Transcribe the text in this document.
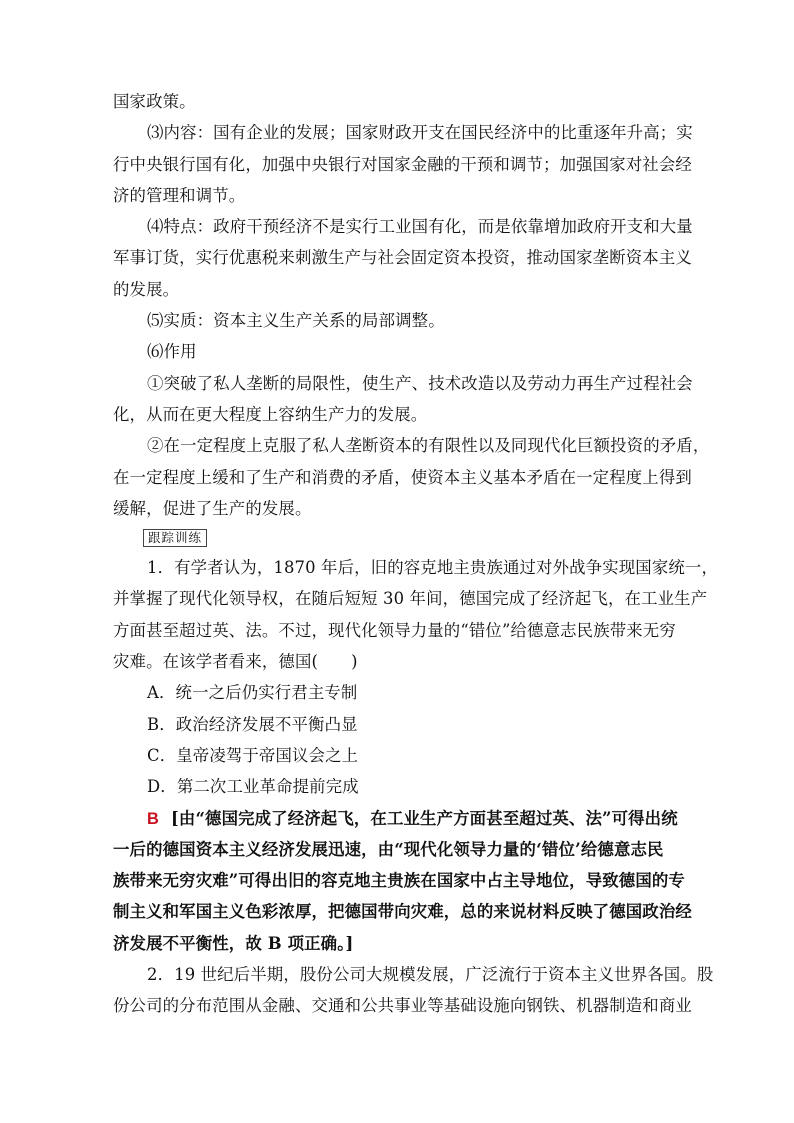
国家政策。
⑶内容：国有企业的发展；国家财政开支在国民经济中的比重逐年升高；实
行中央银行国有化，加强中央银行对国家金融的干预和调节；加强国家对社会经
济的管理和调节。
⑷特点：政府干预经济不是实行工业国有化，而是依靠增加政府开支和大量
军事订货，实行优惠税来刺激生产与社会固定资本投资，推动国家垄断资本主义
的发展。
⑸实质：资本主义生产关系的局部调整。
⑹作用
①突破了私人垄断的局限性，使生产、技术改造以及劳动力再生产过程社会
化，从而在更大程度上容纳生产力的发展。
②在一定程度上克服了私人垄断资本的有限性以及同现代化巨额投资的矛盾，
在一定程度上缓和了生产和消费的矛盾，使资本主义基本矛盾在一定程度上得到
缓解，促进了生产的发展。
跟踪训练
1．有学者认为，1870 年后，旧的容克地主贵族通过对外战争实现国家统一，
并掌握了现代化领导权，在随后短短 30 年间，德国完成了经济起飞，在工业生产
方面甚至超过英、法。不过，现代化领导力量的“错位”给德意志民族带来无穷
灾难。在该学者看来，德国(　　)
A．统一之后仍实行君主专制
B．政治经济发展不平衡凸显
C．皇帝凌驾于帝国议会之上
D．第二次工业革命提前完成
B [由“德国完成了经济起飞，在工业生产方面甚至超过英、法”可得出统
一后的德国资本主义经济发展迅速，由“现代化领导力量的‘错位’给德意志民
族带来无穷灾难”可得出旧的容克地主贵族在国家中占主导地位，导致德国的专
制主义和军国主义色彩浓厚，把德国带向灾难，总的来说材料反映了德国政治经
济发展不平衡性，故 B 项正确。]
2．19 世纪后半期，股份公司大规模发展，广泛流行于资本主义世界各国。股
份公司的分布范围从金融、交通和公共事业等基础设施向钢铁、机器制造和商业
